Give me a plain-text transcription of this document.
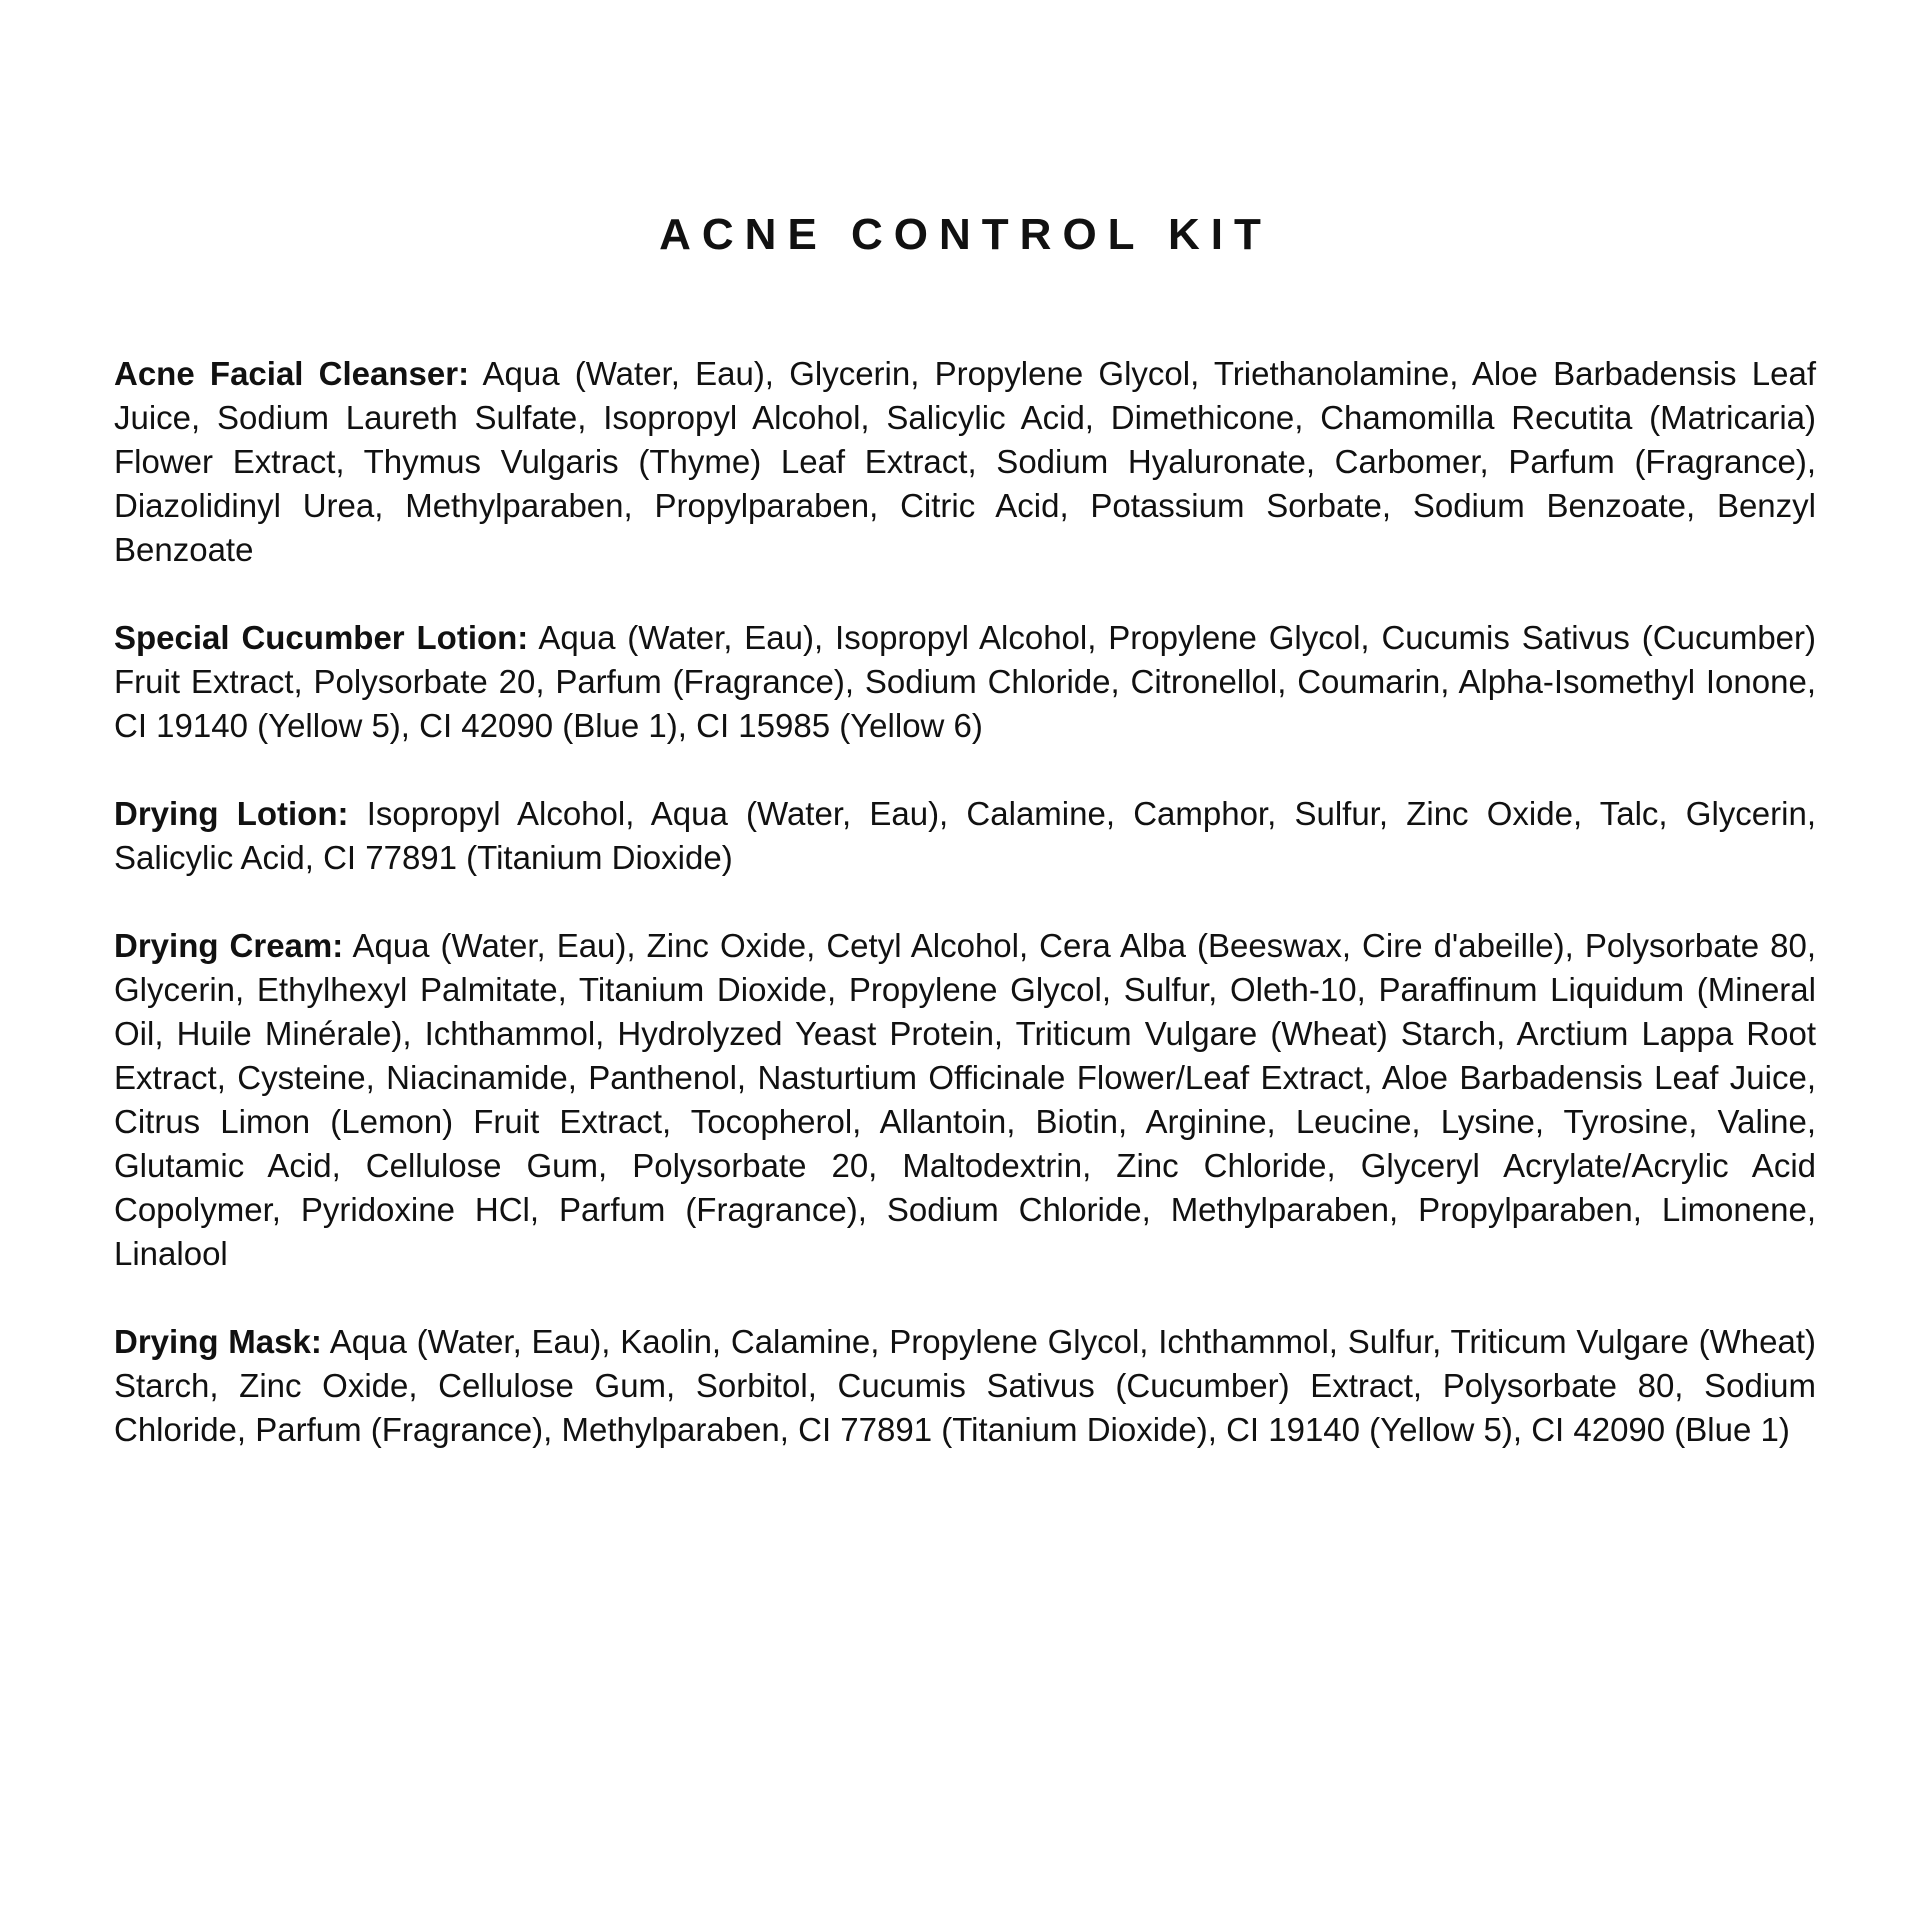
ACNE CONTROL KIT

Acne Facial Cleanser: Aqua (Water, Eau), Glycerin, Propylene Glycol, Triethanolamine, Aloe Barbadensis Leaf Juice, Sodium Laureth Sulfate, Isopropyl Alcohol, Salicylic Acid, Dimethicone, Chamomilla Recutita (Matricaria) Flower Extract, Thymus Vulgaris (Thyme) Leaf Extract, Sodium Hyaluronate, Carbomer, Parfum (Fragrance), Diazolidinyl Urea, Methylparaben, Propylparaben, Citric Acid, Potassium Sorbate, Sodium Benzoate, Benzyl Benzoate

Special Cucumber Lotion: Aqua (Water, Eau), Isopropyl Alcohol, Propylene Glycol, Cucumis Sativus (Cucumber) Fruit Extract, Polysorbate 20, Parfum (Fragrance), Sodium Chloride, Citronellol, Coumarin, Alpha-Isomethyl Ionone, CI 19140 (Yellow 5), CI 42090 (Blue 1), CI 15985 (Yellow 6)

Drying Lotion: Isopropyl Alcohol, Aqua (Water, Eau), Calamine, Camphor, Sulfur, Zinc Oxide, Talc, Glycerin, Salicylic Acid, CI 77891 (Titanium Dioxide)

Drying Cream: Aqua (Water, Eau), Zinc Oxide, Cetyl Alcohol, Cera Alba (Beeswax, Cire d'abeille), Polysorbate 80, Glycerin, Ethylhexyl Palmitate, Titanium Dioxide, Propylene Glycol, Sulfur, Oleth-10, Paraffinum Liquidum (Mineral Oil, Huile Minérale), Ichthammol, Hydrolyzed Yeast Protein, Triticum Vulgare (Wheat) Starch, Arctium Lappa Root Extract, Cysteine, Niacinamide, Panthenol, Nasturtium Officinale Flower/Leaf Extract, Aloe Barbadensis Leaf Juice, Citrus Limon (Lemon) Fruit Extract, Tocopherol, Allantoin, Biotin, Arginine, Leucine, Lysine, Tyrosine, Valine, Glutamic Acid, Cellulose Gum, Polysorbate 20, Maltodextrin, Zinc Chloride, Glyceryl Acrylate/Acrylic Acid Copolymer, Pyridoxine HCl, Parfum (Fragrance), Sodium Chloride, Methylparaben, Propylparaben, Limonene, Linalool

Drying Mask: Aqua (Water, Eau), Kaolin, Calamine, Propylene Glycol, Ichthammol, Sulfur, Triticum Vulgare (Wheat) Starch, Zinc Oxide, Cellulose Gum, Sorbitol, Cucumis Sativus (Cucumber) Extract, Polysorbate 80, Sodium Chloride, Parfum (Fragrance), Methylparaben, CI 77891 (Titanium Dioxide), CI 19140 (Yellow 5), CI 42090 (Blue 1)
